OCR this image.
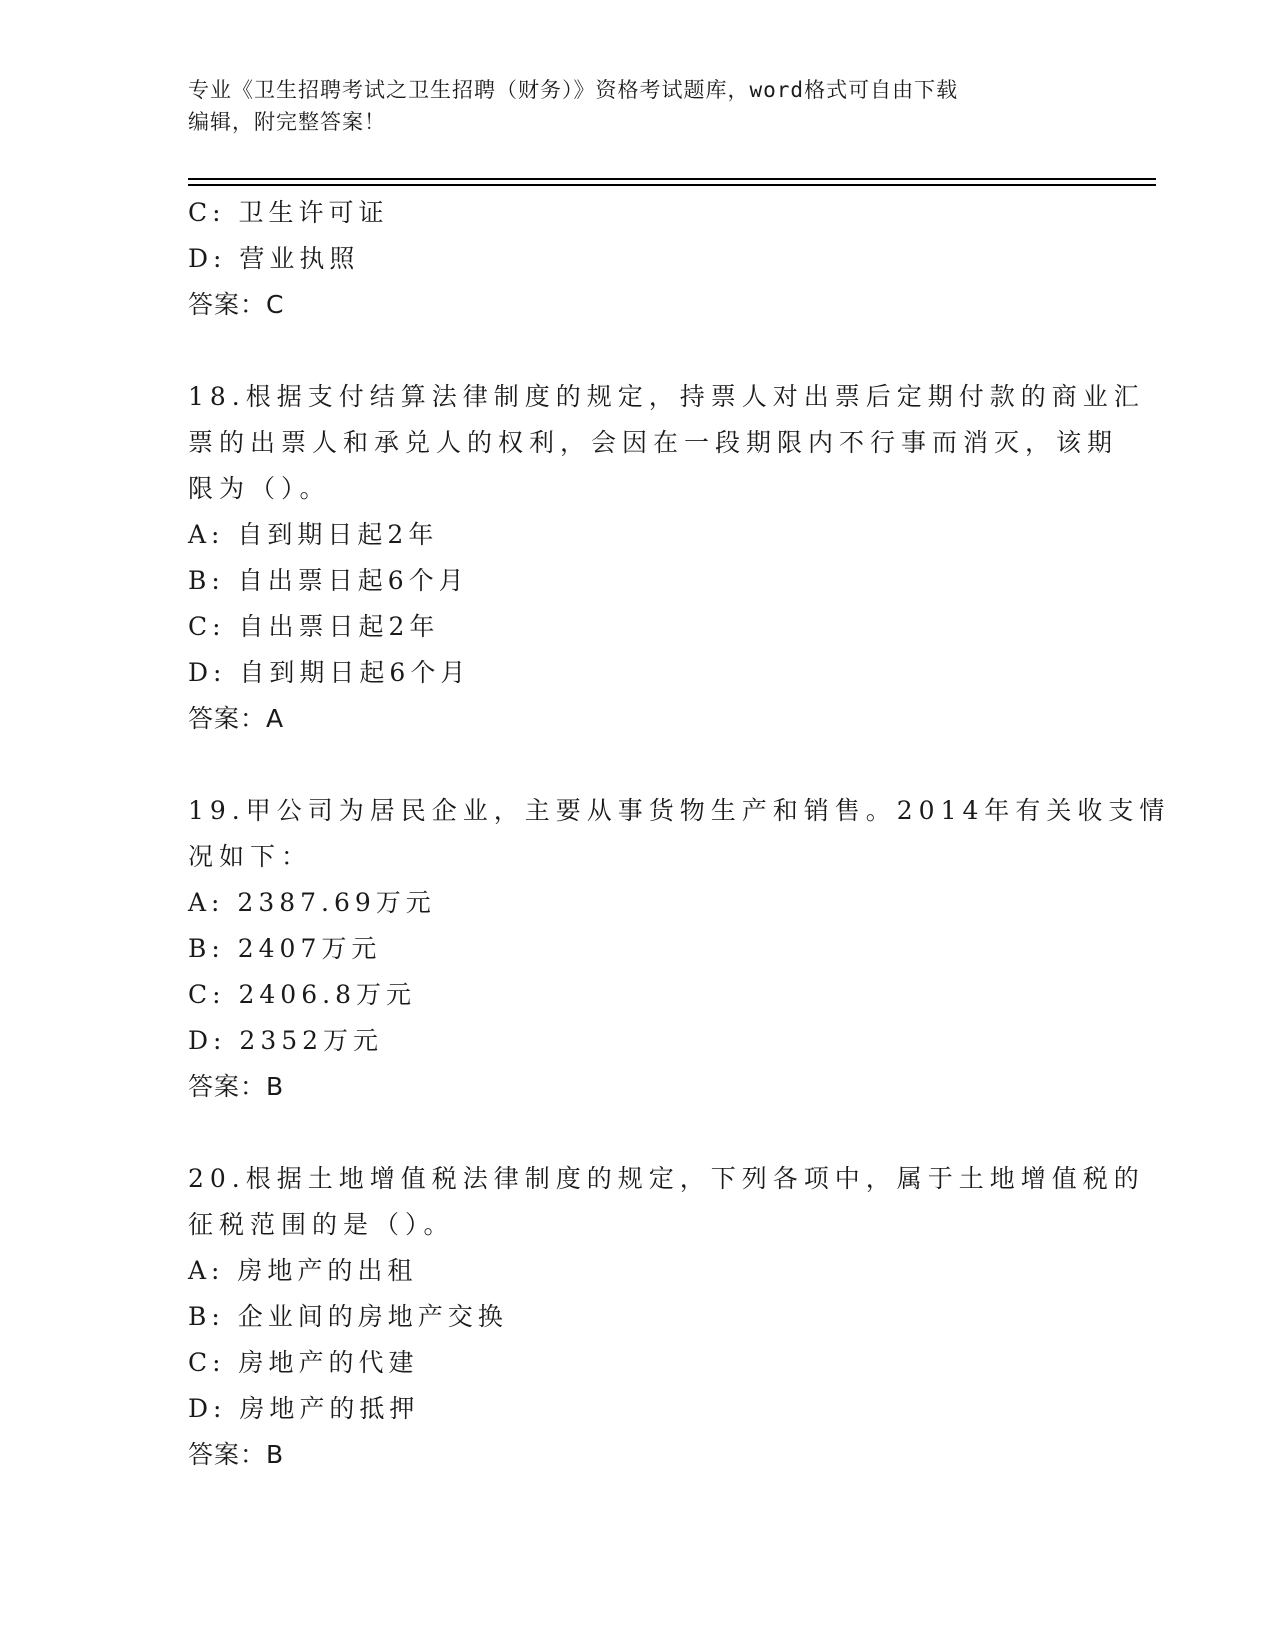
专业《卫生招聘考试之卫生招聘（财务）》资格考试题库，word格式可自由下载
编辑，附完整答案！
C: 卫生许可证
D: 营业执照
答案：C
18.根据支付结算法律制度的规定，持票人对出票后定期付款的商业汇
票的出票人和承兑人的权利，会因在一段期限内不行事而消灭，该期
限为（）。
A: 自到期日起2年
B: 自出票日起6个月
C: 自出票日起2年
D: 自到期日起6个月
答案：A
19.甲公司为居民企业，主要从事货物生产和销售。2014年有关收支情
况如下：
A: 2387.69万元
B: 2407万元
C: 2406.8万元
D: 2352万元
答案：B
20.根据土地增值税法律制度的规定，下列各项中，属于土地增值税的
征税范围的是（）。
A: 房地产的出租
B: 企业间的房地产交换
C: 房地产的代建
D: 房地产的抵押
答案：B
